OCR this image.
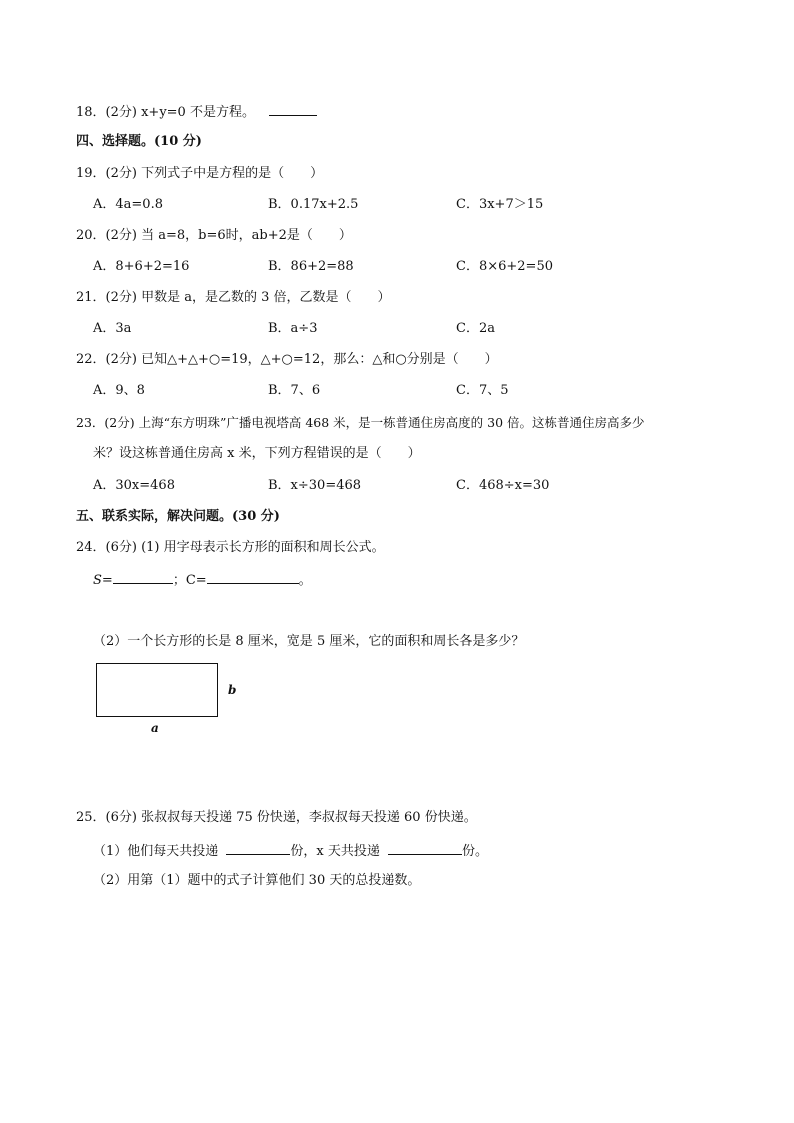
18．(2分) x+y=0 不是方程。
四、选择题。(10 分)
19．(2分) 下列式子中是方程的是（　　）
A．4a=0.8	B．0.17x+2.5	C．3x+7＞15
20．(2分) 当 a=8，b=6时，ab+2是（　　）
A．8+6+2=16	B．86+2=88	C．8×6+2=50
21．(2分) 甲数是 a，是乙数的 3 倍，乙数是（　　）
A．3a	B．a÷3	C．2a
22．(2分) 已知△+△+○=19，△+○=12，那么：△和○分别是（　　）
A．9、8	B．7、6	C．7、5
23．(2分) 上海“东方明珠”广播电视塔高 468 米，是一栋普通住房高度的 30 倍。这栋普通住房高多少
米？设这栋普通住房高 x 米，下列方程错误的是（　　）
A．30x=468	B．x÷30=468	C．468÷x=30
五、联系实际，解决问题。(30 分)
24．(6分) (1) 用字母表示长方形的面积和周长公式。
S=	；C=	。
（2）一个长方形的长是 8 厘米，宽是 5 厘米，它的面积和周长各是多少？
b
a
25．(6分) 张叔叔每天投递 75 份快递，李叔叔每天投递 60 份快递。
（1）他们每天共投递	份，x 天共投递	份。
（2）用第（1）题中的式子计算他们 30 天的总投递数。
